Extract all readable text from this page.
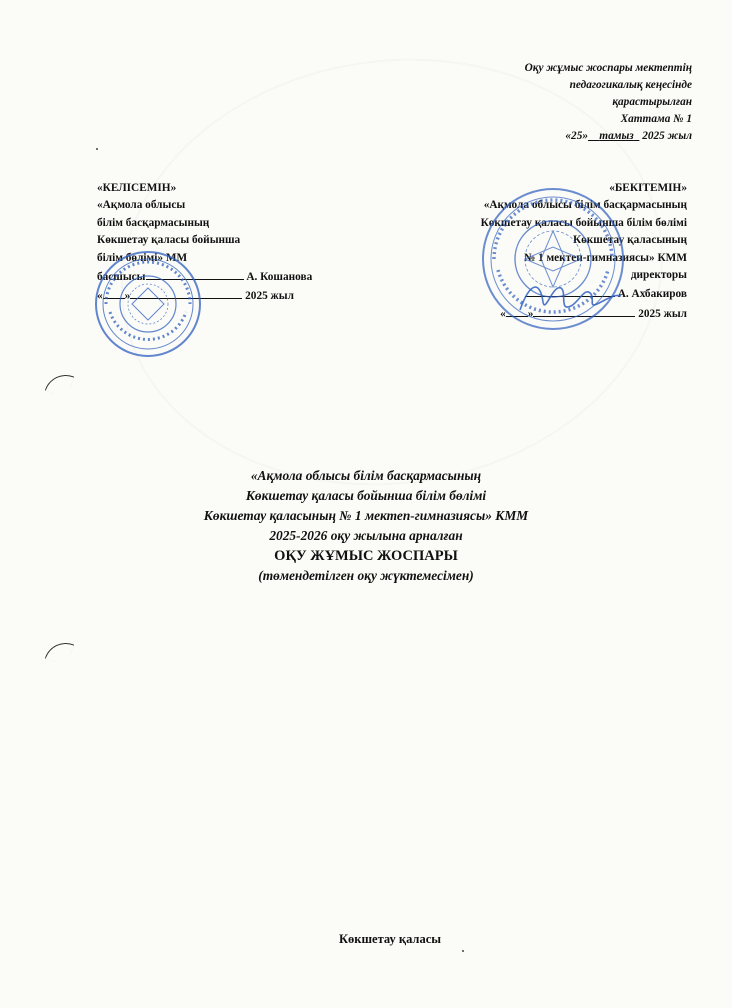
Оқу жұмыс жоспары мектептің
педагогикалық кеңесінде
қарастырылған
Хаттама № 1
«25» тамыз 2025 жыл

«КЕЛІСЕМІН»

«Ақмола облысы

білім басқармасының

Көкшетау қаласы бойынша

білім бөлімі» ММ

басшысы	А. Кошанова

« »	2025 жыл

«БЕКІТЕМІН»

«Ақмола облысы білім басқармасының

Көкшетау қаласы бойынша білім бөлімі

Көкшетау қаласының

№ 1 мектеп-гимназиясы» КММ

директоры

А. Ахбакиров

« »	2025 жыл

«Ақмола облысы білім басқармасының

Көкшетау қаласы бойынша білім бөлімі

Көкшетау қаласының № 1 мектеп-гимназиясы» КММ

2025-2026 оқу жылына арналған

ОҚУ ЖҰМЫС ЖОСПАРЫ

(төмендетілген оқу жүктемесімен)

Көкшетау қаласы
